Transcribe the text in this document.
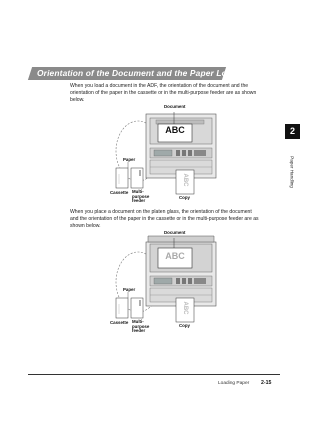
Orientation of the Document and the Paper Loading
When you load a document in the ADF, the orientation of the document and the orientation of the paper in the cassette or in the multi-purpose feeder are as shown below.
2
Paper Handling
Document
ABC
Paper
ABC
Cassette Multi-purpose feeder
Copy
When you place a document on the platen glass, the orientation of the document and the orientation of the paper in the cassette or in the multi-purpose feeder are as shown below.
Document
ABC
Paper
ABC
Cassette Multi-purpose feeder
Copy
Loading Paper 2-15
